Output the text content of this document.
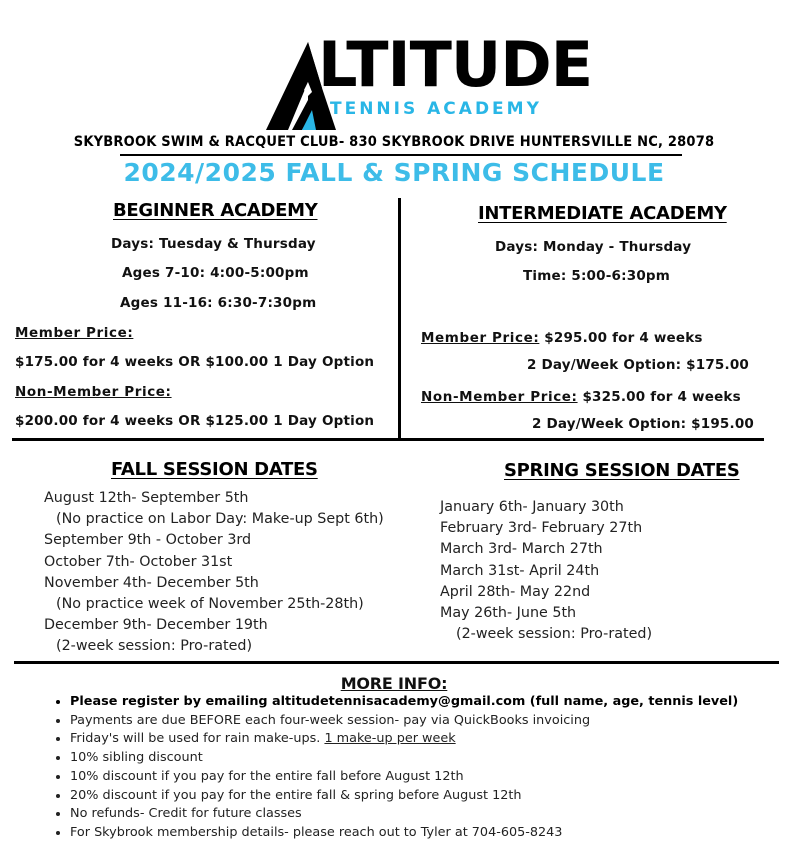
LTITUDE
TENNIS ACADEMY
SKYBROOK SWIM & RACQUET CLUB- 830 SKYBROOK DRIVE HUNTERSVILLE NC, 28078
2024/2025 FALL & SPRING SCHEDULE
BEGINNER ACADEMY
Days: Tuesday & Thursday
Ages 7-10: 4:00-5:00pm
Ages 11-16: 6:30-7:30pm
Member Price:
$175.00 for 4 weeks OR $100.00 1 Day Option
Non-Member Price:
$200.00 for 4 weeks OR $125.00 1 Day Option
INTERMEDIATE ACADEMY
Days: Monday - Thursday
Time: 5:00-6:30pm
Member Price: $295.00 for 4 weeks
2 Day/Week Option: $175.00
Non-Member Price: $325.00 for 4 weeks
2 Day/Week Option: $195.00
FALL SESSION DATES
August 12th- September 5th
(No practice on Labor Day: Make-up Sept 6th)
September 9th - October 3rd
October 7th- October 31st
November 4th- December 5th
(No practice week of November 25th-28th)
December 9th- December 19th
(2-week session: Pro-rated)
SPRING SESSION DATES
January 6th- January 30th
February 3rd- February 27th
March 3rd- March 27th
March 31st- April 24th
April 28th- May 22nd
May 26th- June 5th
(2-week session: Pro-rated)
MORE INFO:
• Please register by emailing altitudetennisacademy@gmail.com (full name, age, tennis level)
• Payments are due BEFORE each four-week session- pay via QuickBooks invoicing
• Friday's will be used for rain make-ups. 1 make-up per week
• 10% sibling discount
• 10% discount if you pay for the entire fall before August 12th
• 20% discount if you pay for the entire fall & spring before August 12th
• No refunds- Credit for future classes
• For Skybrook membership details- please reach out to Tyler at 704-605-8243
